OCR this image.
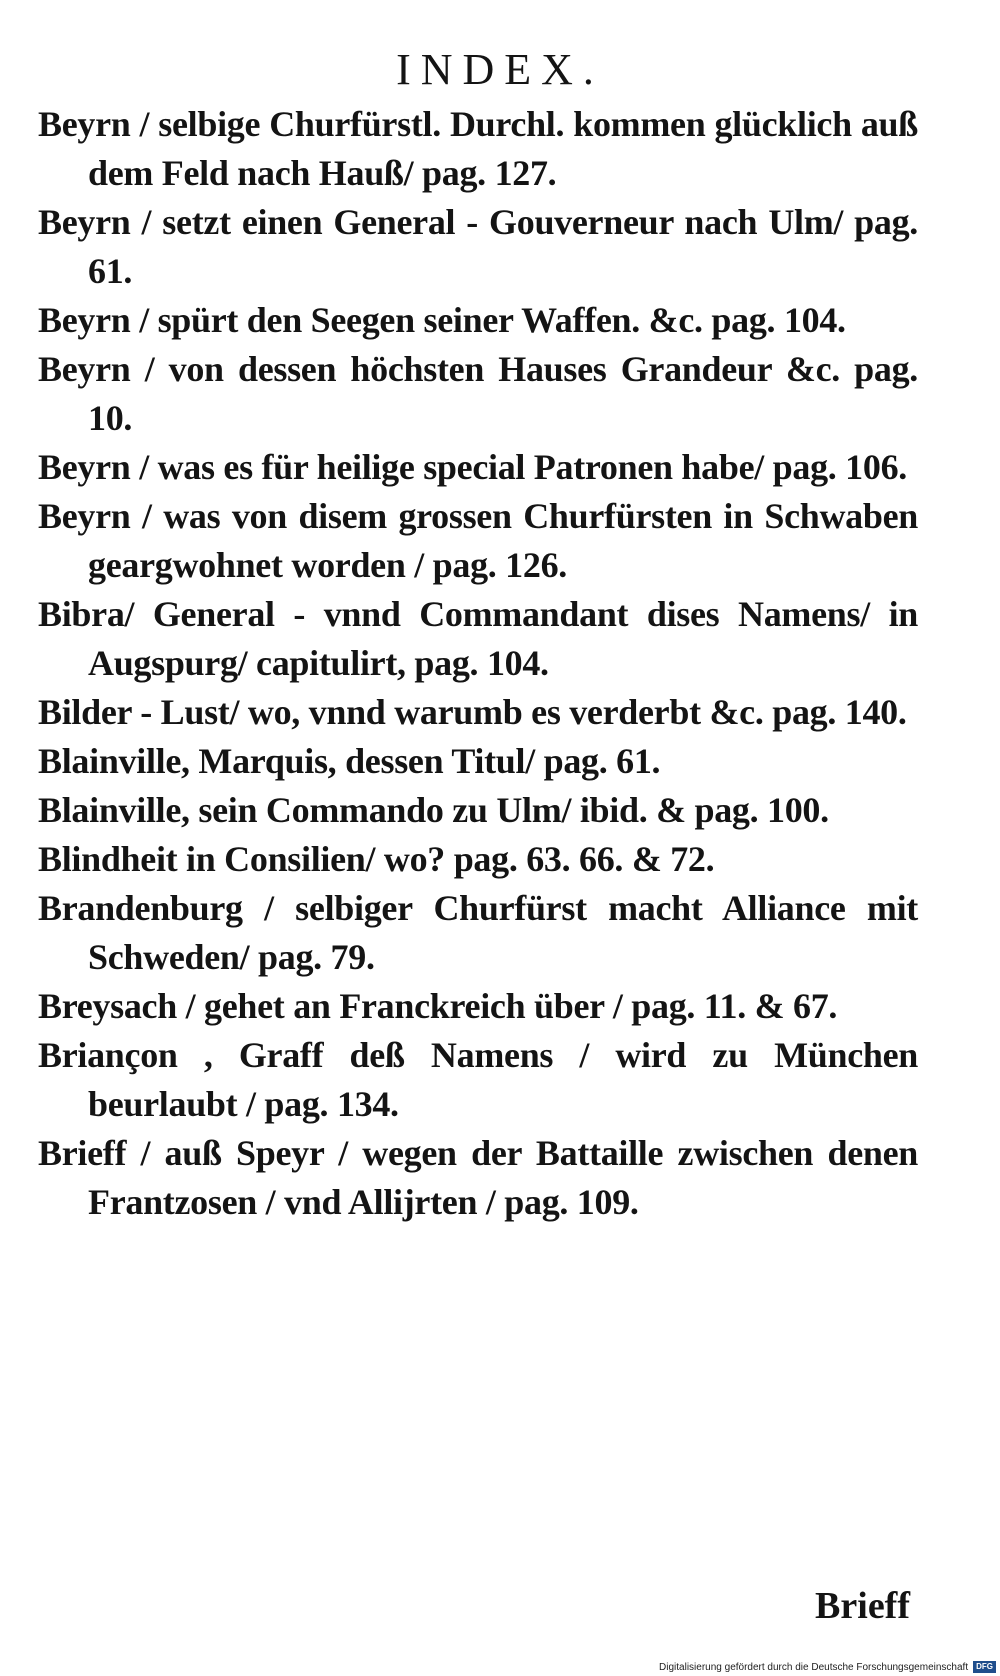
INDEX.

Beyrn / selbige Churfürstl. Durchl. kommen glücklich auß dem Feld nach Hauß/ pag. 127.

Beyrn / setzt einen General - Gouverneur nach Ulm/ pag. 61.

Beyrn / spürt den Seegen seiner Waffen. &c. pag. 104.

Beyrn / von dessen höchsten Hauses Grandeur &c. pag. 10.

Beyrn / was es für heilige special Patronen habe/ pag. 106.

Beyrn / was von disem grossen Churfürsten in Schwaben geargwohnet worden / pag. 126.

Bibra/ General - vnnd Commandant dises Namens/ in Augspurg/ capitulirt, pag. 104.

Bilder - Lust/ wo, vnnd warumb es verderbt &c. pag. 140.

Blainville, Marquis, dessen Titul/ pag. 61.

Blainville, sein Commando zu Ulm/ ibid. & pag. 100.

Blindheit in Consilien/ wo? pag. 63. 66. & 72.

Brandenburg / selbiger Churfürst macht Alliance mit Schweden/ pag. 79.

Breysach / gehet an Franckreich über / pag. 11. & 67.

Briançon , Graff deß Namens / wird zu München beurlaubt / pag. 134.

Brieff / auß Speyr / wegen der Battaille zwischen denen Frantzosen / vnd Allijrten / pag. 109.

Brieff
Digitalisierung gefördert durch die Deutsche Forschungsgemeinschaft	DFG
